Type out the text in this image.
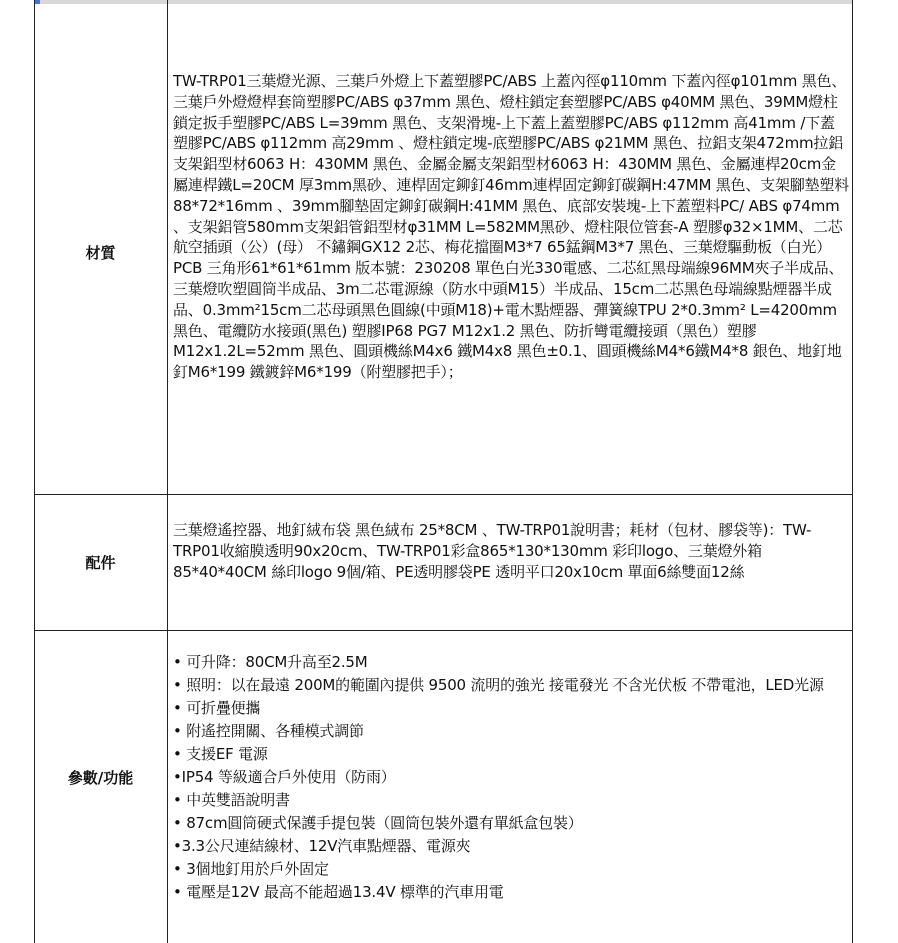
材質

TW-TRP01三葉燈光源、三葉戶外燈上下蓋塑膠PC/ABS 上蓋內徑φ110mm 下蓋內徑φ101mm 黑色、三葉戶外燈燈桿套筒塑膠PC/ABS φ37mm 黑色、燈柱鎖定套塑膠PC/ABS φ40MM 黑色、39MM燈柱鎖定扳手塑膠PC/ABS L=39mm 黑色、支架滑塊-上下蓋上蓋塑膠PC/ABS φ112mm 高41mm /下蓋塑膠PC/ABS φ112mm 高29mm 、燈柱鎖定塊-底塑膠PC/ABS φ21MM 黑色、拉鋁支架472mm拉鋁支架鋁型材6063 H：430MM 黑色、金屬金屬支架鋁型材6063 H：430MM 黑色、金屬連桿20cm金屬連桿鐵L=20CM 厚3mm黑砂、連桿固定鉚釘46mm連桿固定鉚釘碳鋼H:47MM 黑色、支架腳墊塑料88*72*16mm 、39mm腳墊固定鉚釘碳鋼H:41MM 黑色、底部安裝塊-上下蓋塑料PC/ ABS φ74mm 、支架鋁管580mm支架鋁管鋁型材φ31MM L=582MM黑砂、燈柱限位管套-A 塑膠φ32×1MM、二芯航空插頭（公）(母） 不鏽鋼GX12 2芯、梅花擋圈M3*7 65錳鋼M3*7 黑色、三葉燈驅動板（白光）PCB 三角形61*61*61mm 版本號：230208 單色白光330電感、二芯紅黑母端線96MM夾子半成品、三葉燈吹塑圓筒半成品、3m二芯電源線（防水中頭M15）半成品、15cm二芯黑色母端線點煙器半成品、0.3mm²15cm二芯母頭黑色圓線(中頭M18)+電木點煙器、彈簧線TPU 2*0.3mm² L=4200mm黑色、電纜防水接頭(黑色) 塑膠IP68 PG7 M12x1.2 黑色、防折彎電纜接頭（黑色）塑膠M12x1.2L=52mm 黑色、圓頭機絲M4x6 鐵M4x8 黑色±0.1、圓頭機絲M4*6鐵M4*8 銀色、地釘地釘M6*199 鐵鍍鋅M6*199（附塑膠把手）；

配件

三葉燈遙控器、地釘絨布袋 黑色絨布 25*8CM 、TW-TRP01說明書；耗材（包材、膠袋等)：TW-TRP01收縮膜透明90x20cm、TW-TRP01彩盒865*130*130mm 彩印logo、三葉燈外箱85*40*40CM 絲印logo 9個/箱、PE透明膠袋PE 透明平口20x10cm 單面6絲雙面12絲

參數/功能
• 可升降：80CM升高至2.5M
• 照明：以在最遠 200M的範圍內提供 9500 流明的強光 接電發光 不含光伏板 不帶電池，LED光源
• 可折疊便攜
• 附遙控開關、各種模式調節
• 支援EF 電源
•IP54 等級適合戶外使用（防雨）
• 中英雙語說明書
• 87cm圓筒硬式保護手提包裝（圓筒包裝外還有單紙盒包裝）
•3.3公尺連結線材、12V汽車點煙器、電源夾
• 3個地釘用於戶外固定
• 電壓是12V 最高不能超過13.4V 標準的汽車用電
